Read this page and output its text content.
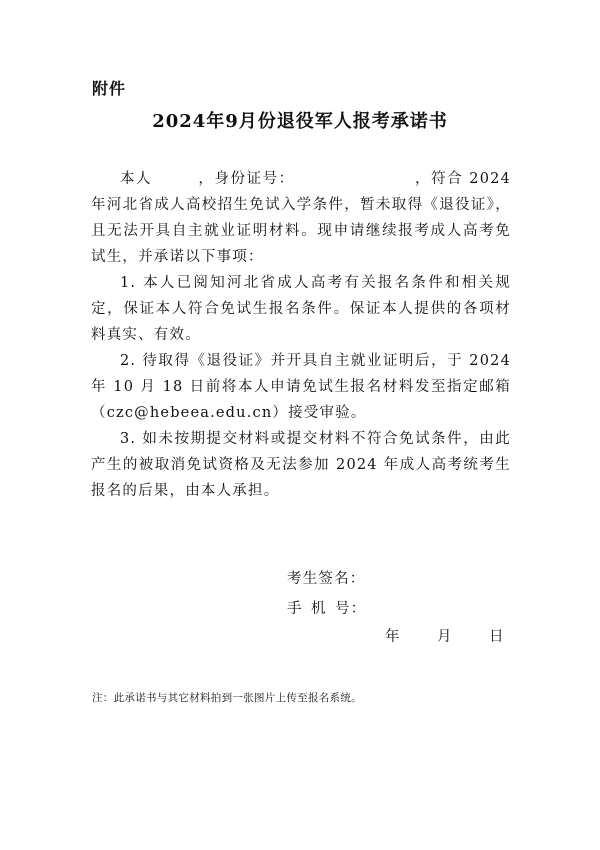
附件
2024年9月份退役军人报考承诺书

本人	，身份证号：	，符合 2024 年河北省成人高校招生免试入学条件，暂未取得《退役证》，且无法开具自主就业证明材料。现申请继续报考成人高考免试生，并承诺以下事项：

1. 本人已阅知河北省成人高考有关报名条件和相关规定，保证本人符合免试生报名条件。保证本人提供的各项材料真实、有效。

2. 待取得《退役证》并开具自主就业证明后，于 2024 年 10 月 18 日前将本人申请免试生报名材料发至指定邮箱（czc@hebeea.edu.cn）接受审验。

3. 如未按期提交材料或提交材料不符合免试条件，由此产生的被取消免试资格及无法参加 2024 年成人高考统考生报名的后果，由本人承担。

考生签名：
手 机 号：
年	月	日
注：此承诺书与其它材料拍到一张图片上传至报名系统。
